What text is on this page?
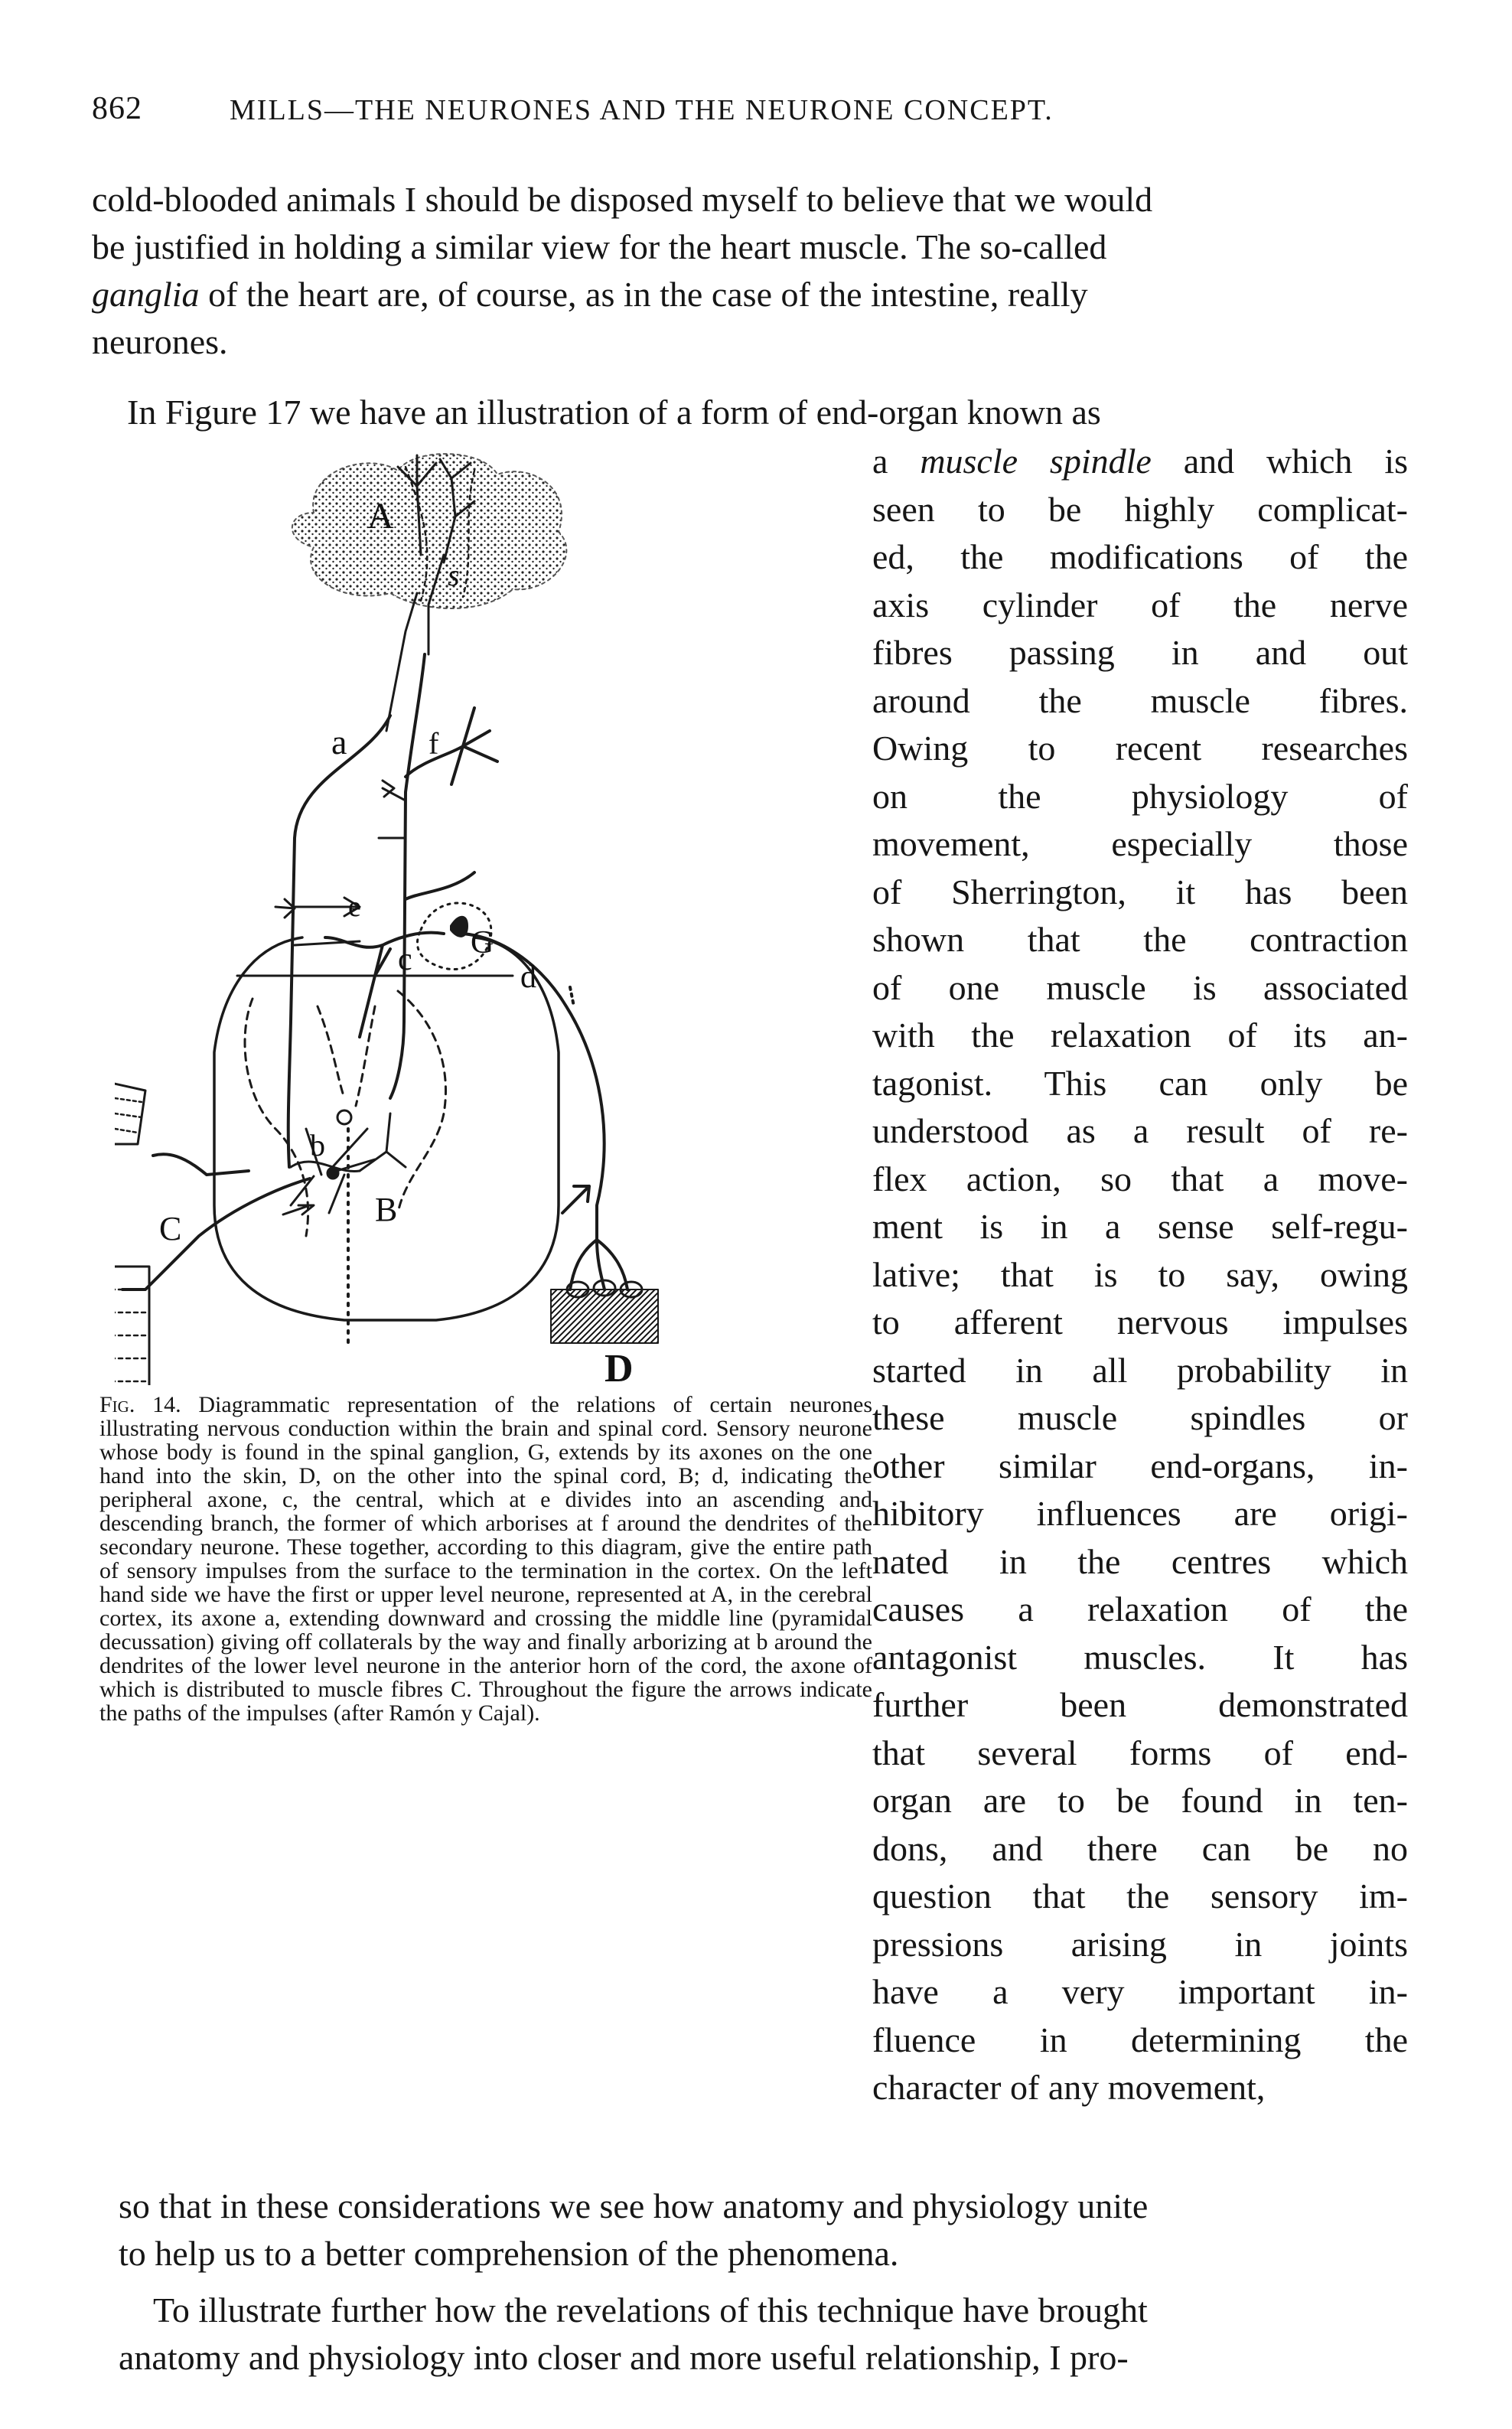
862	MILLS—THE NEURONES AND THE NEURONE CONCEPT.
cold-blooded animals I should be disposed myself to believe that we would
be justified in holding a similar view for the heart muscle. The so-called
ganglia of the heart are, of course, as in the case of the intestine, really
neurones.
In Figure 17 we have an illustration of a form of end-organ known as
a muscle spindle and which is
seen to be highly complicat-
ed, the modifications of the
axis cylinder of the nerve
fibres passing in and out
around the muscle fibres.
Owing to recent researches
on the physiology of
movement, especially those
of Sherrington, it has been
shown that the contraction
of one muscle is associated
with the relaxation of its an-
tagonist. This can only be
understood as a result of re-
flex action, so that a move-
ment is in a sense self-regu-
lative; that is to say, owing
to afferent nervous impulses
started in all probability in
these muscle spindles or
other similar end-organs, in-
hibitory influences are origi-
nated in the centres which
causes a relaxation of the
antagonist muscles. It has
further been demonstrated
that several forms of end-
organ are to be found in ten-
dons, and there can be no
question that the sensory im-
pressions arising in joints
have a very important in-
fluence in determining the
character of any movement,
A
s
a	f
G
e
c	d
b
B
C
D
Fig. 14. Diagrammatic representation of the relations of certain neurones illustrating nervous conduction within the brain and spinal cord. Sensory neurone whose body is found in the spinal ganglion, G, extends by its axones on the one hand into the skin, D, on the other into the spinal cord, B; d, indicating the peripheral axone, c, the central, which at e divides into an ascending and descending branch, the former of which arborises at f around the dendrites of the secondary neurone. These together, according to this diagram, give the entire path of sensory impulses from the surface to the termination in the cortex. On the left hand side we have the first or upper level neurone, represented at A, in the cerebral cortex, its axone a, extending downward and crossing the middle line (pyramidal decussation) giving off collaterals by the way and finally arborizing at b around the dendrites of the lower level neurone in the anterior horn of the cord, the axone of which is distributed to muscle fibres C. Throughout the figure the arrows indicate the paths of the impulses (after Ramón y Cajal).
so that in these considerations we see how anatomy and physiology unite
to help us to a better comprehension of the phenomena.
To illustrate further how the revelations of this technique have brought
anatomy and physiology into closer and more useful relationship, I pro-
